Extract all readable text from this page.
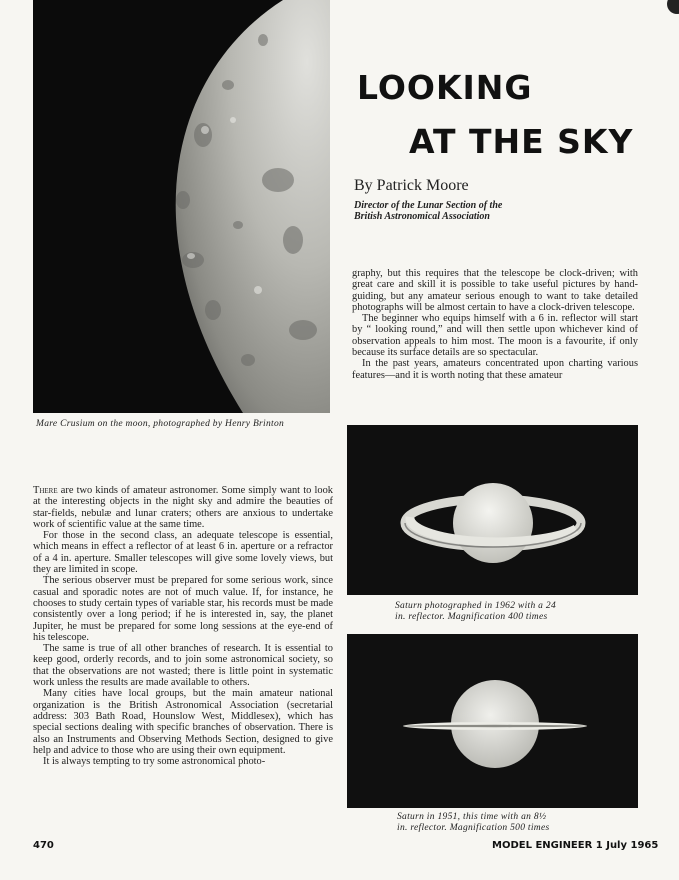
Mare Crusium on the moon, photographed by Henry Brinton
LOOKING
AT THE SKY
By Patrick Moore
Director of the Lunar Section of the
British Astronomical Association

graphy, but this requires that the telescope be clock-driven; with great care and skill it is possible to take useful pictures by hand-guiding, but any amateur serious enough to want to take detailed photographs will be almost certain to have a clock-driven telescope.

The beginner who equips himself with a 6 in. reflector will start by “ looking round,” and will then settle upon whichever kind of observation appeals to him most. The moon is a favourite, if only because its surface details are so spectacular.

In the past years, amateurs concentrated upon charting various features—and it is worth noting that these amateur

There are two kinds of amateur astronomer. Some simply want to look at the interesting objects in the night sky and admire the beauties of star-fields, nebulæ and lunar craters; others are anxious to undertake work of scientific value at the same time.

For those in the second class, an adequate telescope is essential, which means in effect a reflector of at least 6 in. aperture or a refractor of a 4 in. aperture. Smaller telescopes will give some lovely views, but they are limited in scope.

The serious observer must be prepared for some serious work, since casual and sporadic notes are not of much value. If, for instance, he chooses to study certain types of variable star, his records must be made consistently over a long period; if he is interested in, say, the planet Jupiter, he must be prepared for some long sessions at the eye-end of his telescope.

The same is true of all other branches of research. It is essential to keep good, orderly records, and to join some astronomical society, so that the observations are not wasted; there is little point in systematic work unless the results are made available to others.

Many cities have local groups, but the main amateur national organization is the British Astronomical Association (secretarial address: 303 Bath Road, Hounslow West, Middlesex), which has special sections dealing with specific branches of observation. There is also an Instruments and Observing Methods Section, designed to give help and advice to those who are using their own equipment.

It is always tempting to try some astronomical photo-

Saturn photographed in 1962 with a 24
in. reflector. Magnification 400 times
Saturn in 1951, this time with an 8½
in. reflector. Magnification 500 times
470	MODEL ENGINEER 1 July 1965
